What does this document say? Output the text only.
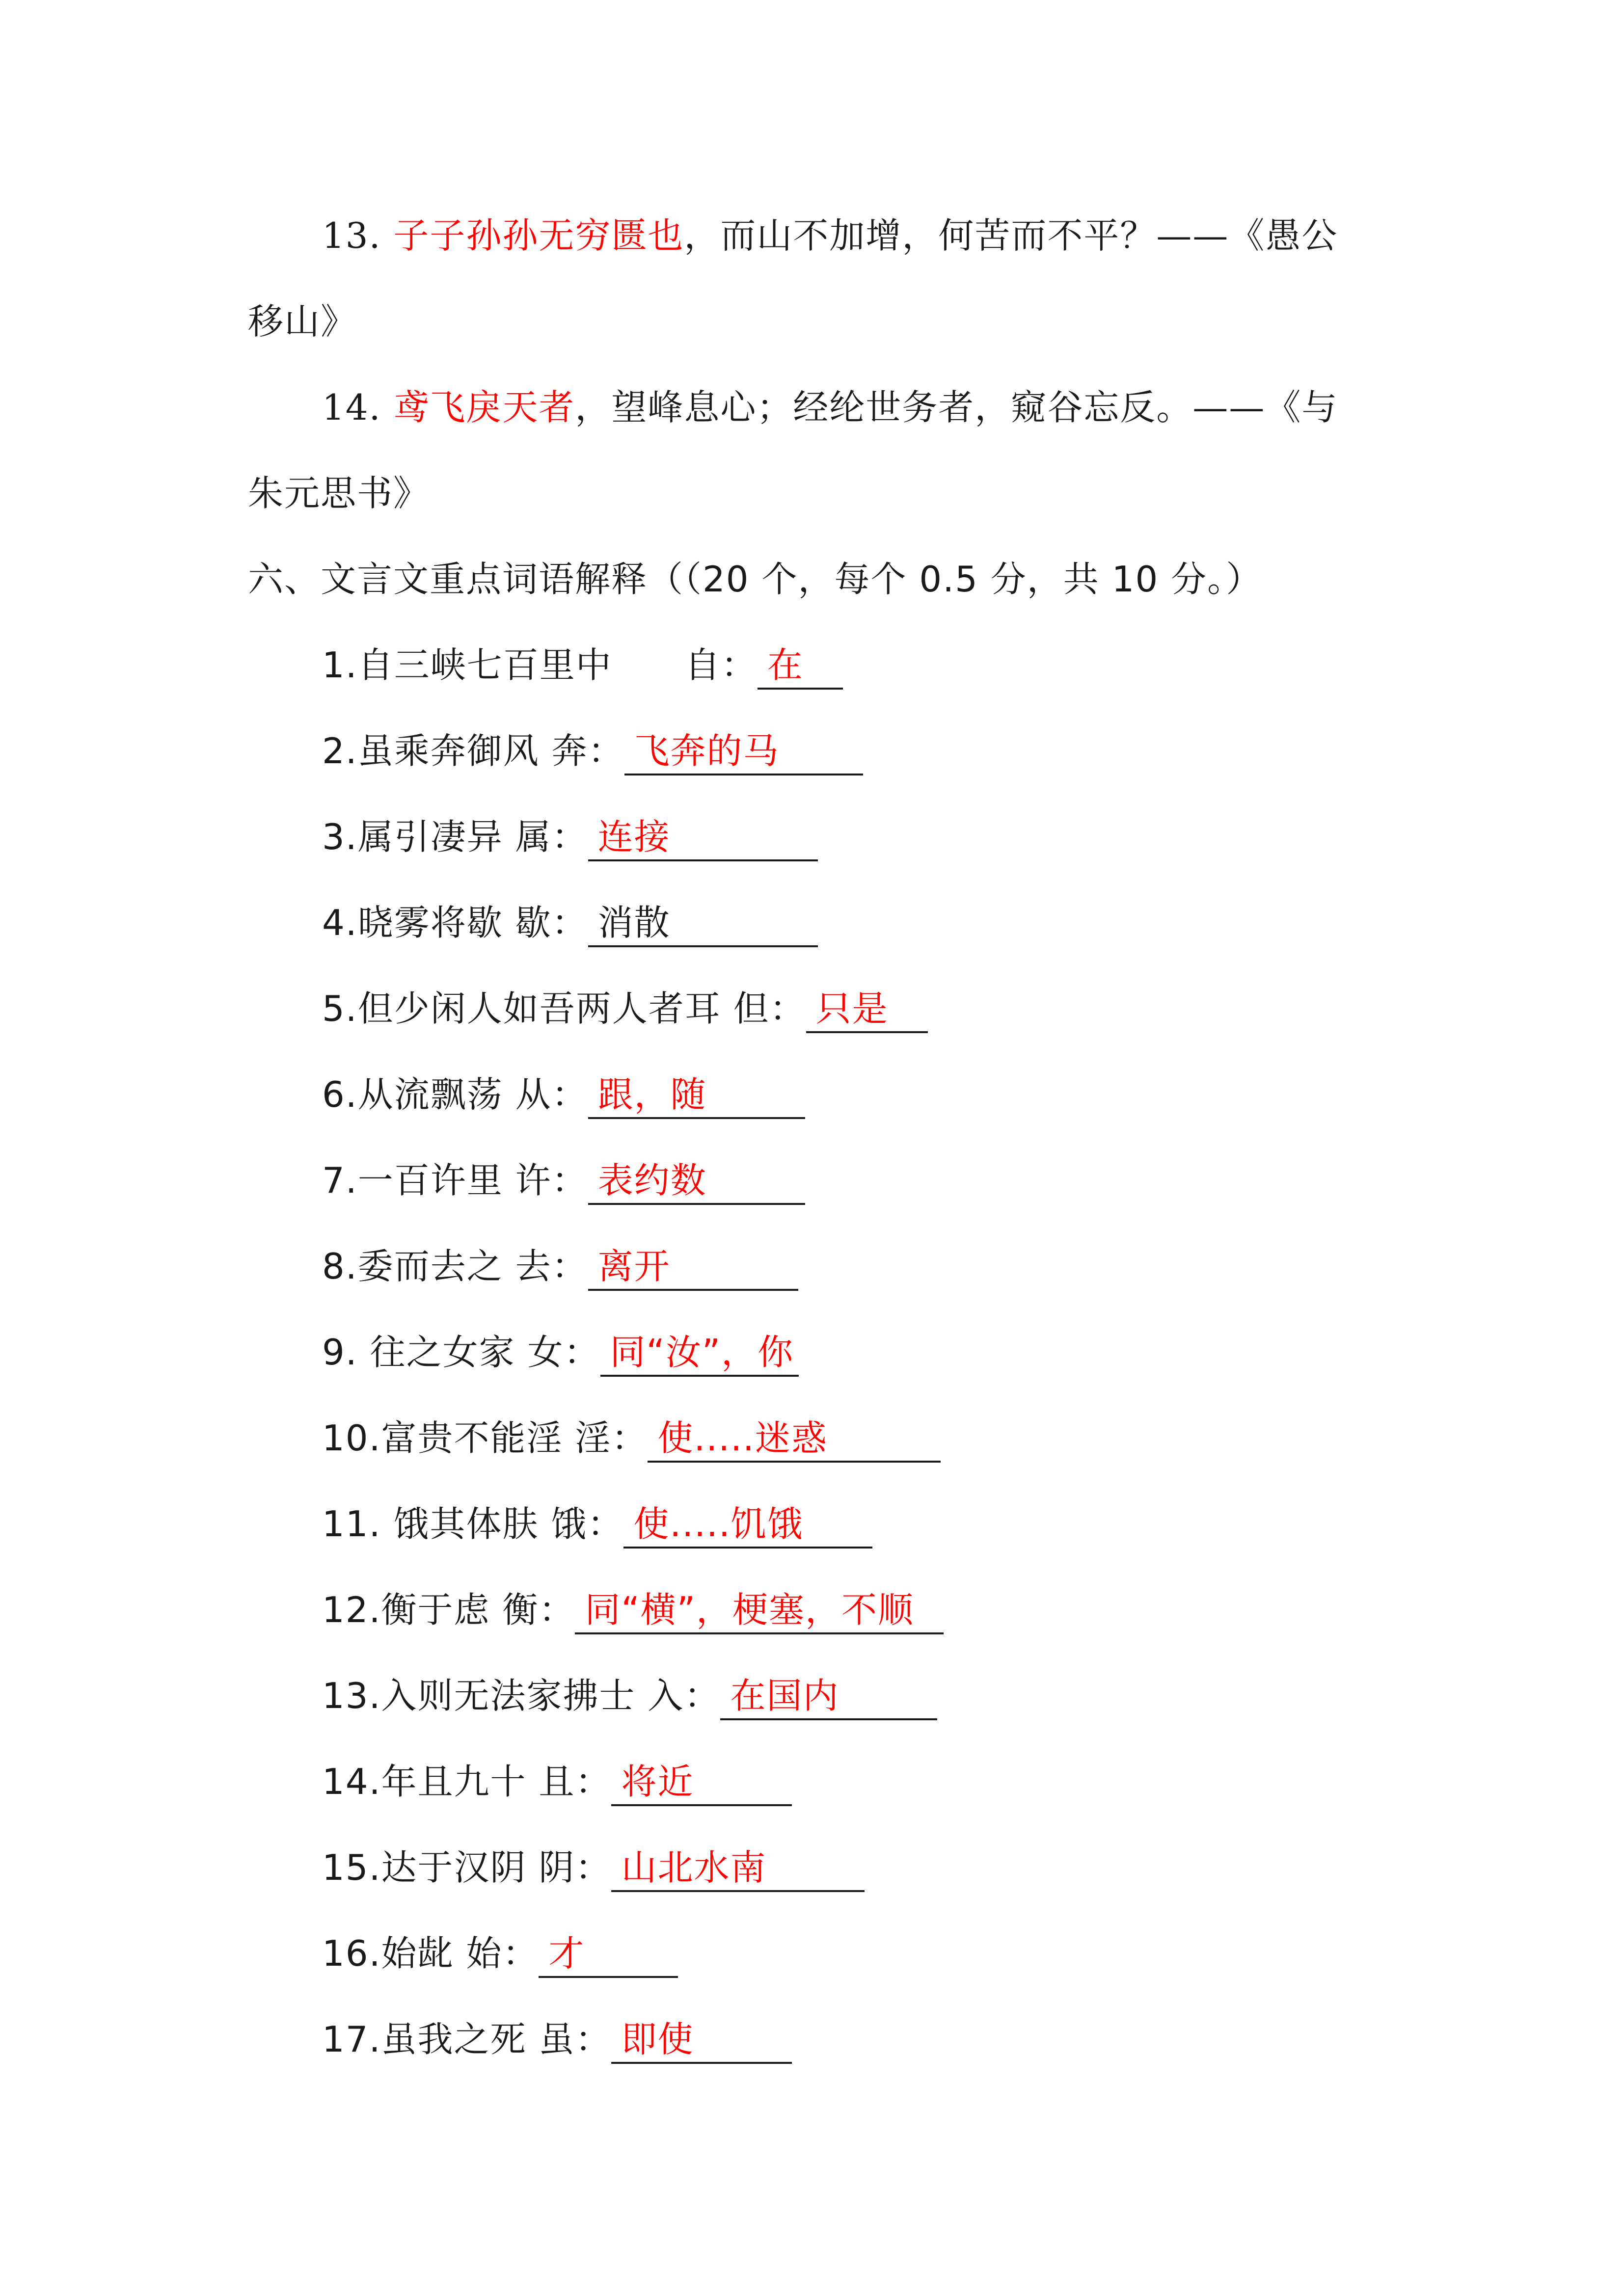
13. 子子孙孙无穷匮也，而山不加增，何苦而不平？——《愚公
移山》
14. 鸢飞戾天者，望峰息心；经纶世务者，窥谷忘反。——《与
朱元思书》
六、文言文重点词语解释（（20 个，每个 0.5 分，共 10 分。）
1.自三峡七百里中　　 自： 在
2.虽乘奔御风 奔： 飞奔的马
3.属引凄异 属： 连接
4.晓雾将歇 歇： 消散
5.但少闲人如吾两人者耳 但： 只是
6.从流飘荡 从： 跟，随
7.一百许里 许： 表约数
8.委而去之 去： 离开
9. 往之女家 女： 同“汝”，你
10.富贵不能淫 淫： 使.....迷惑
11. 饿其体肤 饿： 使.....饥饿
12.衡于虑 衡： 同“横”，梗塞，不顺
13.入则无法家拂士 入： 在国内
14.年且九十 且： 将近
15.达于汉阴 阴： 山北水南
16.始龀 始： 才
17.虽我之死 虽： 即使
